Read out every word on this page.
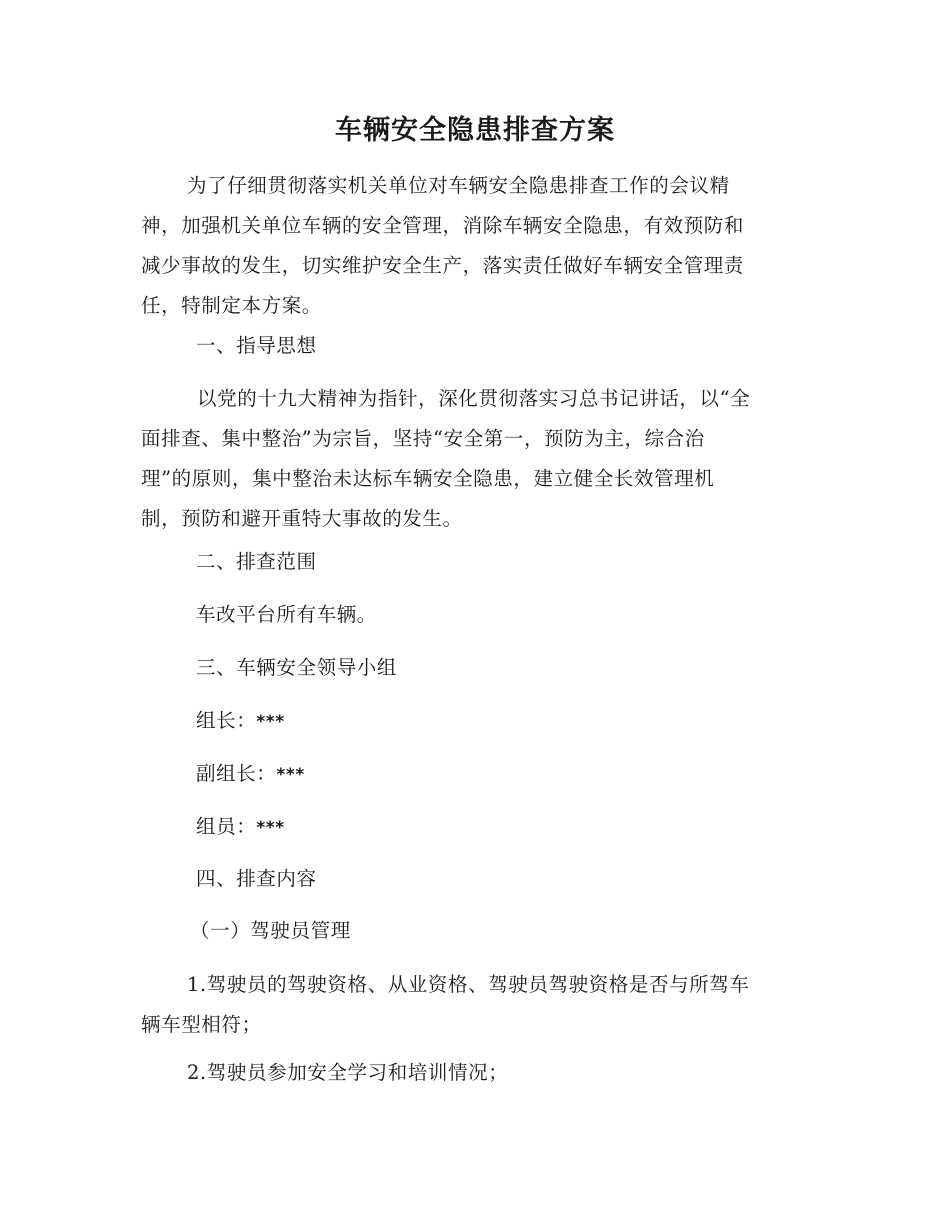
车辆安全隐患排查方案
为了仔细贯彻落实机关单位对车辆安全隐患排查工作的会议精
神，加强机关单位车辆的安全管理，消除车辆安全隐患，有效预防和
减少事故的发生，切实维护安全生产，落实责任做好车辆安全管理责
任，特制定本方案。
一、指导思想
以党的十九大精神为指针，深化贯彻落实习总书记讲话，以“全
面排查、集中整治”为宗旨，坚持“安全第一，预防为主，综合治
理”的原则，集中整治未达标车辆安全隐患，建立健全长效管理机
制，预防和避开重特大事故的发生。
二、排查范围
车改平台所有车辆。
三、车辆安全领导小组
组长：***
副组长：***
组员：***
四、排查内容
（一）驾驶员管理
1.驾驶员的驾驶资格、从业资格、驾驶员驾驶资格是否与所驾车
辆车型相符；
2.驾驶员参加安全学习和培训情况；
